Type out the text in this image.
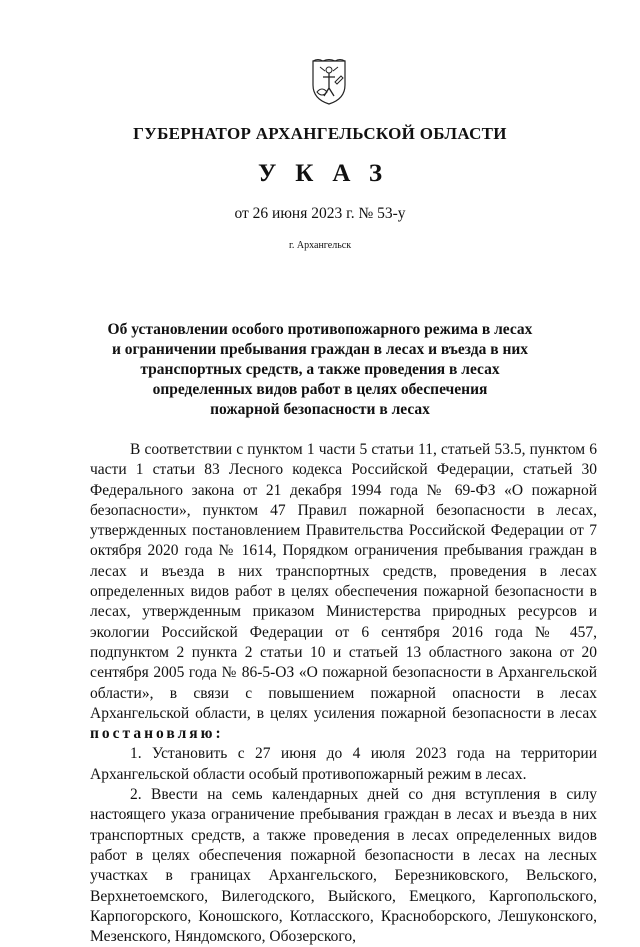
ГУБЕРНАТОР АРХАНГЕЛЬСКОЙ ОБЛАСТИ
УКАЗ
от 26 июня 2023 г. № 53-у
г. Архангельск
Об установлении особого противопожарного режима в лесах
и ограничении пребывания граждан в лесах и въезда в них
транспортных средств, а также проведения в лесах
определенных видов работ в целях обеспечения
пожарной безопасности в лесах

В соответствии с пунктом 1 части 5 статьи 11, статьей 53.5, пунктом 6 части 1 статьи 83 Лесного кодекса Российской Федерации, статьей 30 Федерального закона от 21 декабря 1994 года № 69-ФЗ «О пожарной безопасности», пунктом 47 Правил пожарной безопасности в лесах, утвержденных постановлением Правительства Российской Федерации от 7 октября 2020 года № 1614, Порядком ограничения пребывания граждан в лесах и въезда в них транспортных средств, проведения в лесах определенных видов работ в целях обеспечения пожарной безопасности в лесах, утвержденным приказом Министерства природных ресурсов и экологии Российской Федерации от 6 сентября 2016 года № 457, подпунктом 2 пункта 2 статьи 10 и статьей 13 областного закона от 20 сентября 2005 года № 86-5-ОЗ «О пожарной безопасности в Архангельской области», в связи с повышением пожарной опасности в лесах Архангельской области, в целях усиления пожарной безопасности в лесах постановляю:

1. Установить с 27 июня до 4 июля 2023 года на территории Архангельской области особый противопожарный режим в лесах.

2. Ввести на семь календарных дней со дня вступления в силу настоящего указа ограничение пребывания граждан в лесах и въезда в них транспортных средств, а также проведения в лесах определенных видов работ в целях обеспечения пожарной безопасности в лесах на лесных участках в границах Архангельского, Березниковского, Вельского, Верхнетоемского, Вилегодского, Выйского, Емецкого, Каргопольского, Карпогорского, Коношского, Котласского, Красноборского, Лешуконского, Мезенского, Няндомского, Обозерского,
